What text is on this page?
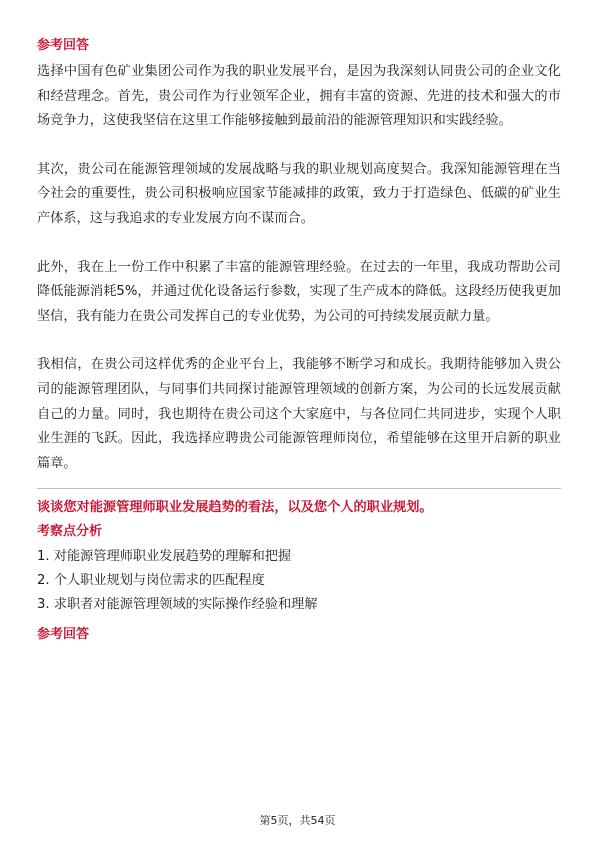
参考回答

选择中国有色矿业集团公司作为我的职业发展平台，是因为我深刻认同贵公司的企业文化和经营理念。首先，贵公司作为行业领军企业，拥有丰富的资源、先进的技术和强大的市场竞争力，这使我坚信在这里工作能够接触到最前沿的能源管理知识和实践经验。

其次，贵公司在能源管理领域的发展战略与我的职业规划高度契合。我深知能源管理在当今社会的重要性，贵公司积极响应国家节能减排的政策，致力于打造绿色、低碳的矿业生产体系，这与我追求的专业发展方向不谋而合。

此外，我在上一份工作中积累了丰富的能源管理经验。在过去的一年里，我成功帮助公司降低能源消耗5%，并通过优化设备运行参数，实现了生产成本的降低。这段经历使我更加坚信，我有能力在贵公司发挥自己的专业优势，为公司的可持续发展贡献力量。

我相信，在贵公司这样优秀的企业平台上，我能够不断学习和成长。我期待能够加入贵公司的能源管理团队，与同事们共同探讨能源管理领域的创新方案，为公司的长远发展贡献自己的力量。同时，我也期待在贵公司这个大家庭中，与各位同仁共同进步，实现个人职业生涯的飞跃。因此，我选择应聘贵公司能源管理师岗位，希望能够在这里开启新的职业篇章。

谈谈您对能源管理师职业发展趋势的看法，以及您个人的职业规划。

考察点分析

1. 对能源管理师职业发展趋势的理解和把握
2. 个人职业规划与岗位需求的匹配程度
3. 求职者对能源管理领域的实际操作经验和理解

参考回答

第5页，共54页
